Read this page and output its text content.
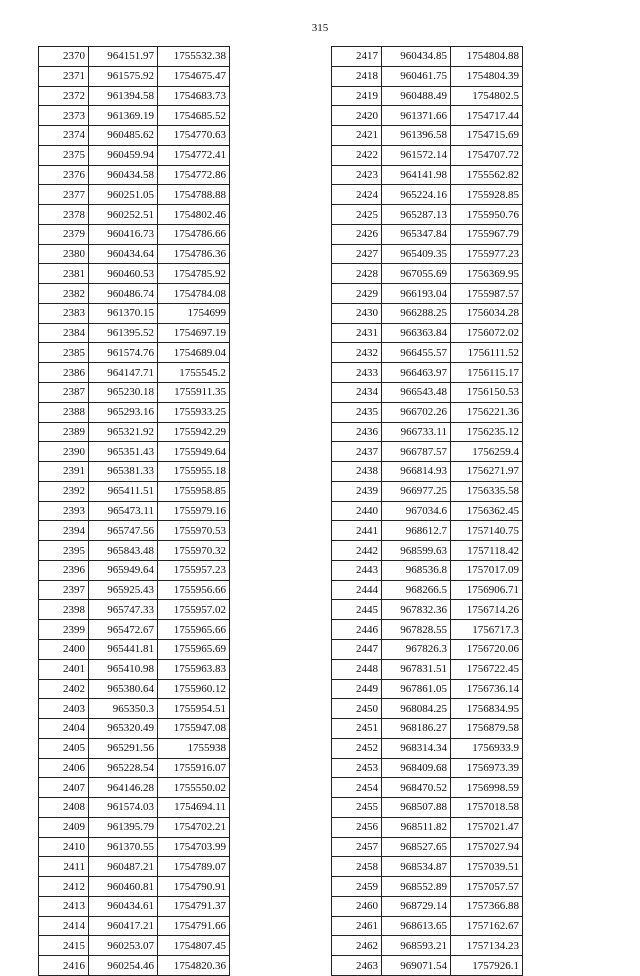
315
2370	964151.97	1755532.38
2371	961575.92	1754675.47
2372	961394.58	1754683.73
2373	961369.19	1754685.52
2374	960485.62	1754770.63
2375	960459.94	1754772.41
2376	960434.58	1754772.86
2377	960251.05	1754788.88
2378	960252.51	1754802.46
2379	960416.73	1754786.66
2380	960434.64	1754786.36
2381	960460.53	1754785.92
2382	960486.74	1754784.08
2383	961370.15	1754699
2384	961395.52	1754697.19
2385	961574.76	1754689.04
2386	964147.71	1755545.2
2387	965230.18	1755911.35
2388	965293.16	1755933.25
2389	965321.92	1755942.29
2390	965351.43	1755949.64
2391	965381.33	1755955.18
2392	965411.51	1755958.85
2393	965473.11	1755979.16
2394	965747.56	1755970.53
2395	965843.48	1755970.32
2396	965949.64	1755957.23
2397	965925.43	1755956.66
2398	965747.33	1755957.02
2399	965472.67	1755965.66
2400	965441.81	1755965.69
2401	965410.98	1755963.83
2402	965380.64	1755960.12
2403	965350.3	1755954.51
2404	965320.49	1755947.08
2405	965291.56	1755938
2406	965228.54	1755916.07
2407	964146.28	1755550.02
2408	961574.03	1754694.11
2409	961395.79	1754702.21
2410	961370.55	1754703.99
2411	960487.21	1754789.07
2412	960460.81	1754790.91
2413	960434.61	1754791.37
2414	960417.21	1754791.66
2415	960253.07	1754807.45
2416	960254.46	1754820.36
2417	960434.85	1754804.88
2418	960461.75	1754804.39
2419	960488.49	1754802.5
2420	961371.66	1754717.44
2421	961396.58	1754715.69
2422	961572.14	1754707.72
2423	964141.98	1755562.82
2424	965224.16	1755928.85
2425	965287.13	1755950.76
2426	965347.84	1755967.79
2427	965409.35	1755977.23
2428	967055.69	1756369.95
2429	966193.04	1755987.57
2430	966288.25	1756034.28
2431	966363.84	1756072.02
2432	966455.57	1756111.52
2433	966463.97	1756115.17
2434	966543.48	1756150.53
2435	966702.26	1756221.36
2436	966733.11	1756235.12
2437	966787.57	1756259.4
2438	966814.93	1756271.97
2439	966977.25	1756335.58
2440	967034.6	1756362.45
2441	968612.7	1757140.75
2442	968599.63	1757118.42
2443	968536.8	1757017.09
2444	968266.5	1756906.71
2445	967832.36	1756714.26
2446	967828.55	1756717.3
2447	967826.3	1756720.06
2448	967831.51	1756722.45
2449	967861.05	1756736.14
2450	968084.25	1756834.95
2451	968186.27	1756879.58
2452	968314.34	1756933.9
2453	968409.68	1756973.39
2454	968470.52	1756998.59
2455	968507.88	1757018.58
2456	968511.82	1757021.47
2457	968527.65	1757027.94
2458	968534.87	1757039.51
2459	968552.89	1757057.57
2460	968729.14	1757366.88
2461	968613.65	1757162.67
2462	968593.21	1757134.23
2463	969071.54	1757926.1
